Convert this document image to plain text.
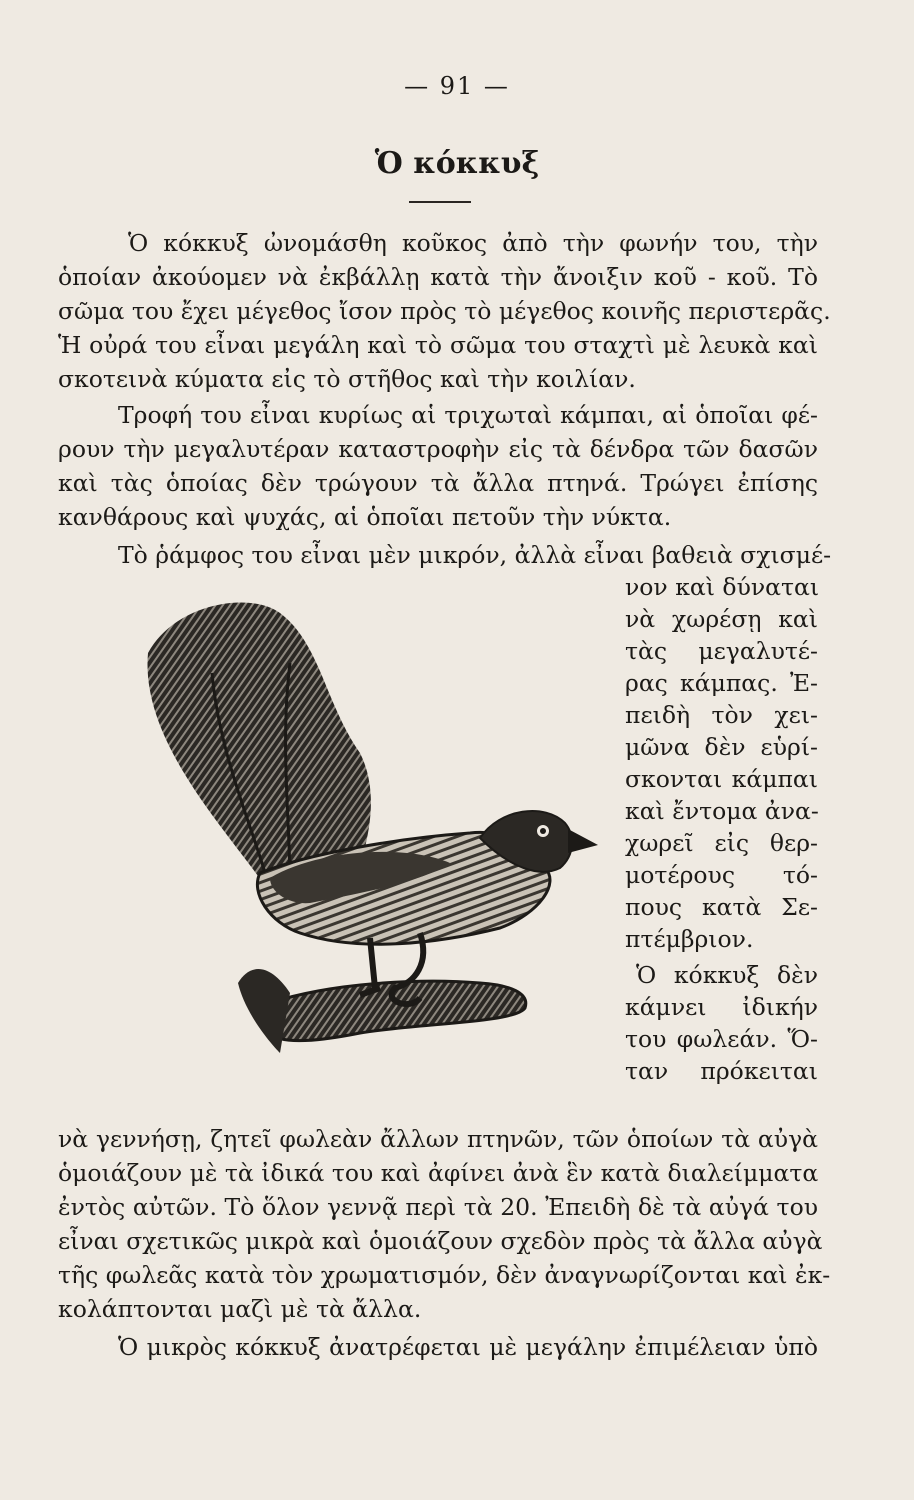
— 91 —
Ὁ κόκκυξ
Ὁ κόκκυξ ὠνομάσθη κοῦκος ἀπὸ τὴν φωνήν του, τὴν
ὁποίαν ἀκούομεν νὰ ἐκβάλλῃ κατὰ τὴν ἄνοιξιν κοῦ - κοῦ. Τὸ
σῶμα του ἔχει μέγεθος ἴσον πρὸς τὸ μέγεθος κοινῆς περιστερᾶς.
Ἡ οὐρά του εἶναι μεγάλη καὶ τὸ σῶμα του σταχτὶ μὲ λευκὰ καὶ
σκοτεινὰ κύματα εἰς τὸ στῆθος καὶ τὴν κοιλίαν.
Τροφή του εἶναι κυρίως αἱ τριχωταὶ κάμπαι, αἱ ὁποῖαι φέ-
ρουν τὴν μεγαλυτέραν καταστροφὴν εἰς τὰ δένδρα τῶν δασῶν
καὶ τὰς ὁποίας δὲν τρώγουν τὰ ἄλλα πτηνά. Τρώγει ἐπίσης
κανθάρους καὶ ψυχάς, αἱ ὁποῖαι πετοῦν τὴν νύκτα.
Τὸ ῥάμφος του εἶναι μὲν μικρόν, ἀλλὰ εἶναι βαθειὰ σχισμέ-
νον καὶ δύναται
νὰ χωρέσῃ καὶ
τὰς μεγαλυτέ-
ρας κάμπας. Ἐ-
πειδὴ τὸν χει-
μῶνα δὲν εὑρί-
σκονται κάμπαι
καὶ ἔντομα ἀνα-
χωρεῖ εἰς θερ-
μοτέρους τό-
πους κατὰ Σε-
πτέμβριον.
Ὁ κόκκυξ δὲν
κάμνει ἰδικήν
του φωλεάν. Ὅ-
ταν πρόκειται
νὰ γεννήσῃ, ζητεῖ φωλεὰν ἄλλων πτηνῶν, τῶν ὁποίων τὰ αὐγὰ
ὁμοιάζουν μὲ τὰ ἰδικά του καὶ ἀφίνει ἀνὰ ἓν κατὰ διαλείμματα
ἐντὸς αὐτῶν. Τὸ ὅλον γεννᾷ περὶ τὰ 20. Ἐπειδὴ δὲ τὰ αὐγά του
εἶναι σχετικῶς μικρὰ καὶ ὁμοιάζουν σχεδὸν πρὸς τὰ ἄλλα αὐγὰ
τῆς φωλεᾶς κατὰ τὸν χρωματισμόν, δὲν ἀναγνωρίζονται καὶ ἐκ-
κολάπτονται μαζὶ μὲ τὰ ἄλλα.
Ὁ μικρὸς κόκκυξ ἀνατρέφεται μὲ μεγάλην ἐπιμέλειαν ὑπὸ
